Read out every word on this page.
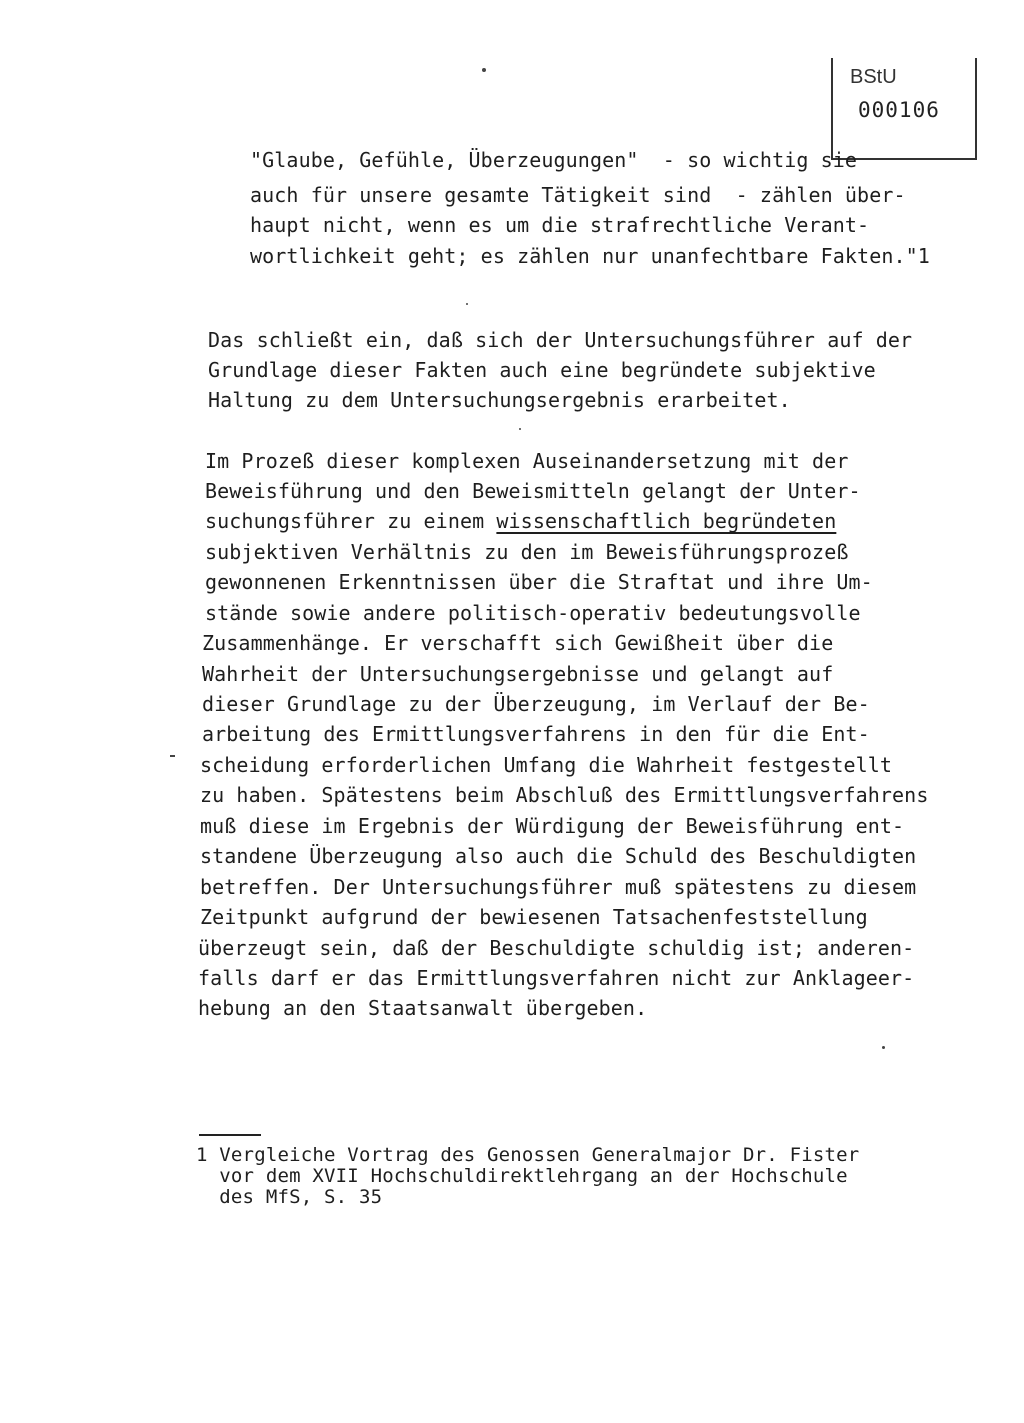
BStU
000106
"Glaube, Gefühle, Überzeugungen"  - so wichtig sie
auch für unsere gesamte Tätigkeit sind  - zählen über-
haupt nicht, wenn es um die strafrechtliche Verant-
wortlichkeit geht; es zählen nur unanfechtbare Fakten."1
Das schließt ein, daß sich der Untersuchungsführer auf der
Grundlage dieser Fakten auch eine begründete subjektive
Haltung zu dem Untersuchungsergebnis erarbeitet.
Im Prozeß dieser komplexen Auseinandersetzung mit der
Beweisführung und den Beweismitteln gelangt der Unter-
suchungsführer zu einem wissenschaftlich begründeten
subjektiven Verhältnis zu den im Beweisführungsprozeß
gewonnenen Erkenntnissen über die Straftat und ihre Um-
stände sowie andere politisch-operativ bedeutungsvolle
Zusammenhänge. Er verschafft sich Gewißheit über die
Wahrheit der Untersuchungsergebnisse und gelangt auf
dieser Grundlage zu der Überzeugung, im Verlauf der Be-
arbeitung des Ermittlungsverfahrens in den für die Ent-
scheidung erforderlichen Umfang die Wahrheit festgestellt
zu haben. Spätestens beim Abschluß des Ermittlungsverfahrens
muß diese im Ergebnis der Würdigung der Beweisführung ent-
standene Überzeugung also auch die Schuld des Beschuldigten
betreffen. Der Untersuchungsführer muß spätestens zu diesem
Zeitpunkt aufgrund der bewiesenen Tatsachenfeststellung
überzeugt sein, daß der Beschuldigte schuldig ist; anderen-
falls darf er das Ermittlungsverfahren nicht zur Anklageer-
hebung an den Staatsanwalt übergeben.
1 Vergleiche Vortrag des Genossen Generalmajor Dr. Fister
vor dem XVII Hochschuldirektlehrgang an der Hochschule
des MfS, S. 35
